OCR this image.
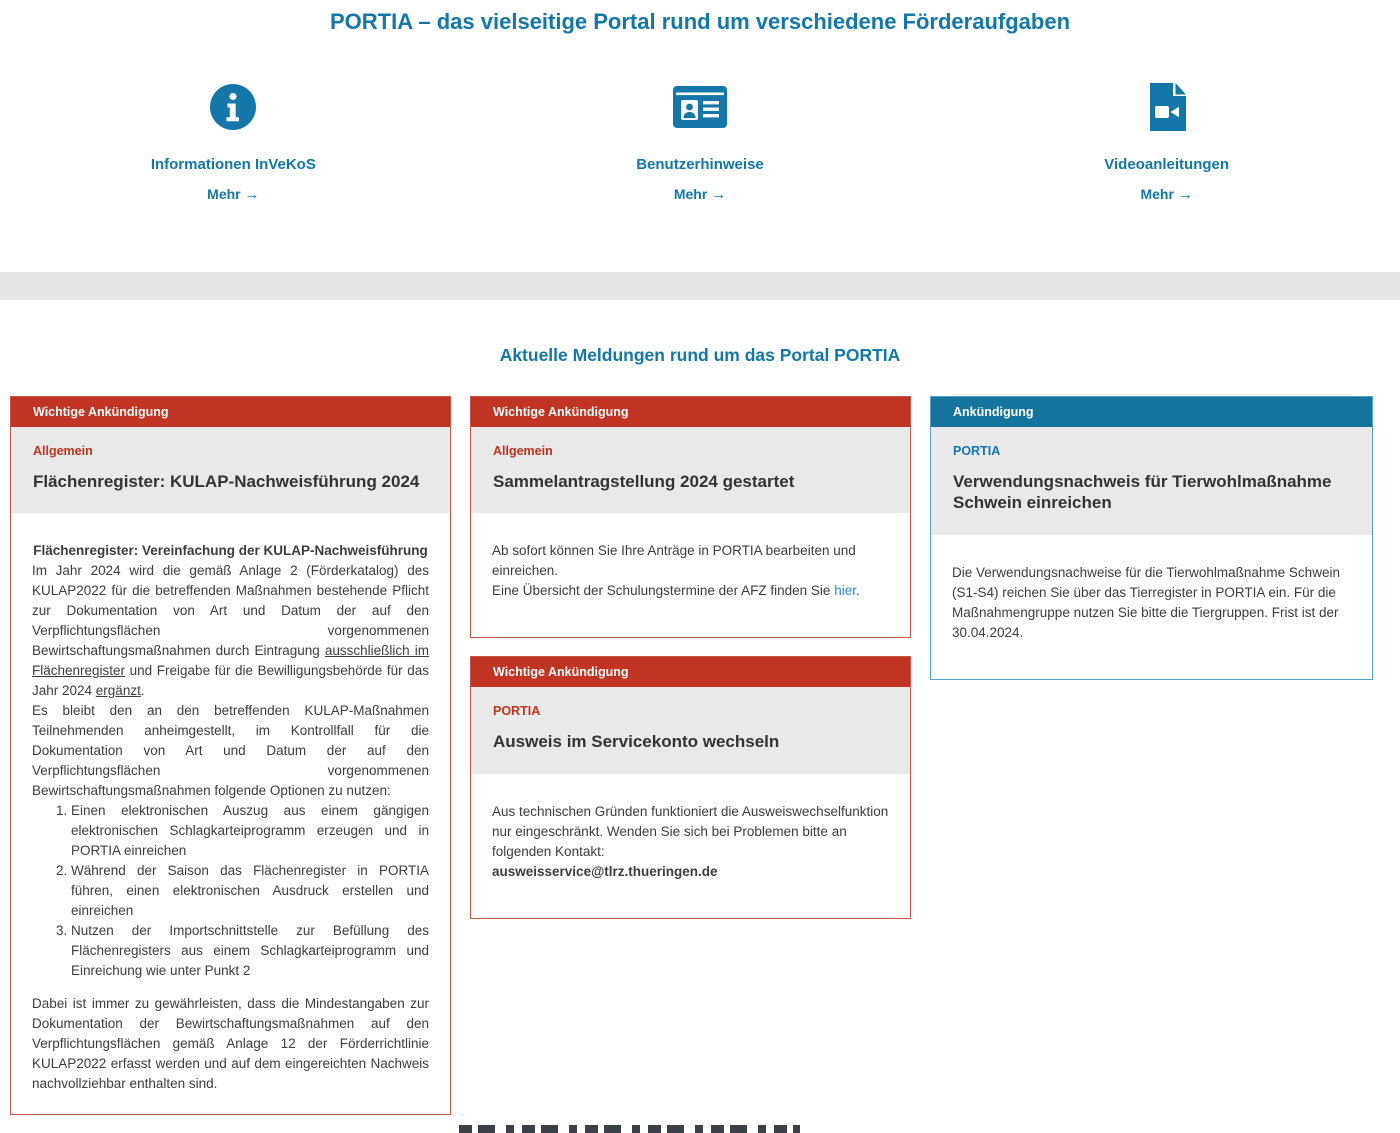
PORTIA – das vielseitige Portal rund um verschiedene Förderaufgaben
Informationen InVeKoS
Mehr →
Benutzerhinweise
Mehr →
Videoanleitungen
Mehr →
Aktuelle Meldungen rund um das Portal PORTIA
Wichtige Ankündigung
Allgemein
Flächenregister: KULAP-Nachweisführung 2024

Flächenregister: Vereinfachung der KULAP-Nachweisführung

Im Jahr 2024 wird die gemäß Anlage 2 (Förderkatalog) des KULAP2022 für die betreffenden Maßnahmen bestehende Pflicht zur Dokumentation von Art und Datum der auf den Verpflichtungsflächen vorgenommenen Bewirtschaftungsmaßnahmen durch Eintragung ausschließlich im Flächenregister und Freigabe für die Bewilligungsbehörde für das Jahr 2024 ergänzt.

Es bleibt den an den betreffenden KULAP-Maßnahmen Teilnehmenden anheimgestellt, im Kontrollfall für die Dokumentation von Art und Datum der auf den Verpflichtungsflächen vorgenommenen Bewirtschaftungsmaßnahmen folgende Optionen zu nutzen:

1. Einen elektronischen Auszug aus einem gängigen elektronischen Schlagkarteiprogramm erzeugen und in PORTIA einreichen
2. Während der Saison das Flächenregister in PORTIA führen, einen elektronischen Ausdruck erstellen und einreichen
3. Nutzen der Importschnittstelle zur Befüllung des Flächenregisters aus einem Schlagkarteiprogramm und Einreichung wie unter Punkt 2

Dabei ist immer zu gewährleisten, dass die Mindestangaben zur Dokumentation der Bewirtschaftungsmaßnahmen auf den Verpflichtungsflächen gemäß Anlage 12 der Förderrichtlinie KULAP2022 erfasst werden und auf dem eingereichten Nachweis nachvollziehbar enthalten sind.

Wichtige Ankündigung
Allgemein
Sammelantragstellung 2024 gestartet

Ab sofort können Sie Ihre Anträge in PORTIA bearbeiten und einreichen.

Eine Übersicht der Schulungstermine der AFZ finden Sie hier.

Wichtige Ankündigung
PORTIA
Ausweis im Servicekonto wechseln

Aus technischen Gründen funktioniert die Ausweiswechselfunktion nur eingeschränkt. Wenden Sie sich bei Problemen bitte an folgenden Kontakt:

ausweisservice@tlrz.thueringen.de
Ankündigung
PORTIA
Verwendungsnachweis für Tierwohlmaßnahme Schwein einreichen

Die Verwendungsnachweise für die Tierwohlmaßnahme Schwein (S1-S4) reichen Sie über das Tierregister in PORTIA ein. Für die Maßnahmengruppe nutzen Sie bitte die Tiergruppen. Frist ist der 30.04.2024.
